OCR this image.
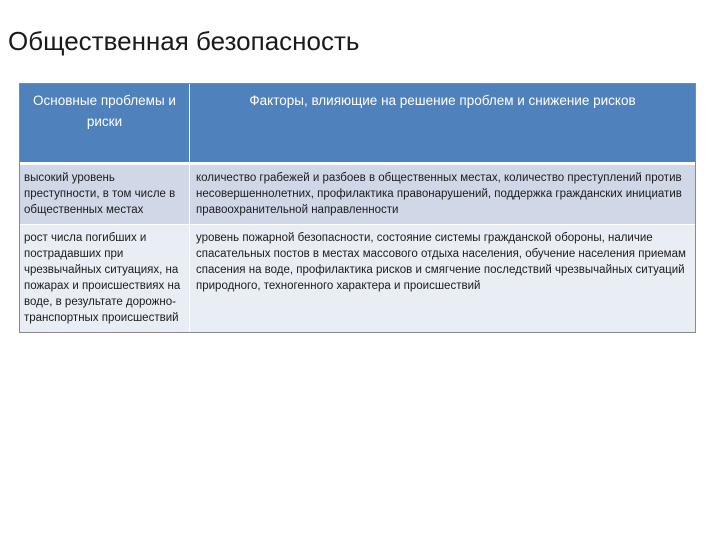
Общественная безопасность
Основные проблемы и риски	Факторы, влияющие на решение проблем и снижение рисков
высокий уровень преступности, в том числе в общественных местах	количество грабежей и разбоев в общественных местах, количество преступлений против несовершеннолетних, профилактика правонарушений, поддержка гражданских инициатив правоохранительной направленности
рост числа погибших и пострадавших при чрезвычайных ситуациях, на пожарах и происшествиях на воде, в результате дорожно-транспортных происшествий	уровень пожарной безопасности, состояние системы гражданской обороны, наличие спасательных постов в местах массового отдыха населения, обучение населения приемам спасения на воде, профилактика рисков и смягчение последствий чрезвычайных ситуаций природного, техногенного характера и происшествий
